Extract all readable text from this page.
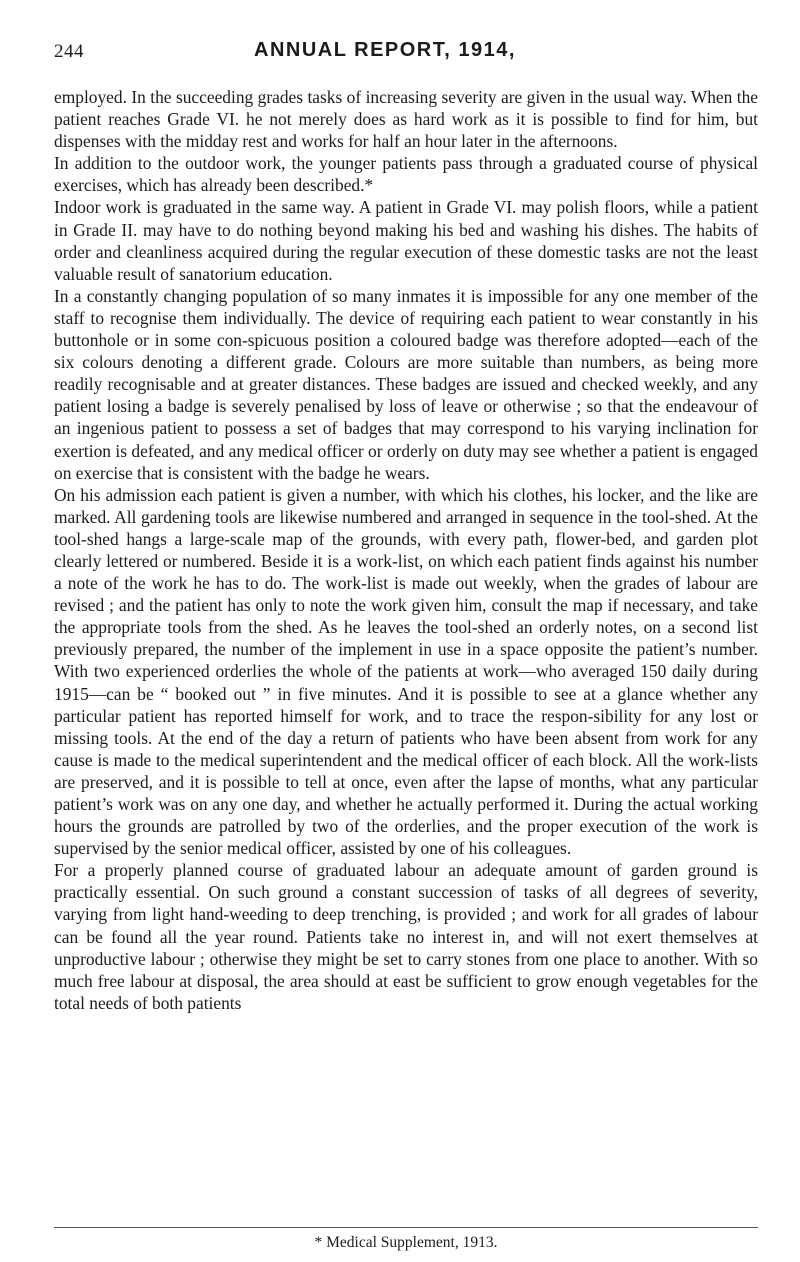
244	ANNUAL REPORT, 1914,

employed. In the succeeding grades tasks of increasing severity are given in the usual way. When the patient reaches Grade VI. he not merely does as hard work as it is possible to find for him, but dispenses with the midday rest and works for half an hour later in the afternoons.

In addition to the outdoor work, the younger patients pass through a graduated course of physical exercises, which has already been described.*

Indoor work is graduated in the same way. A patient in Grade VI. may polish floors, while a patient in Grade II. may have to do nothing beyond making his bed and washing his dishes. The habits of order and cleanliness acquired during the regular execution of these domestic tasks are not the least valuable result of sanatorium education.

In a constantly changing population of so many inmates it is impossible for any one member of the staff to recognise them individually. The device of requiring each patient to wear constantly in his buttonhole or in some con-spicuous position a coloured badge was therefore adopted—each of the six colours denoting a different grade. Colours are more suitable than numbers, as being more readily recognisable and at greater distances. These badges are issued and checked weekly, and any patient losing a badge is severely penalised by loss of leave or otherwise ; so that the endeavour of an ingenious patient to possess a set of badges that may correspond to his varying inclination for exertion is defeated, and any medical officer or orderly on duty may see whether a patient is engaged on exercise that is consistent with the badge he wears.

On his admission each patient is given a number, with which his clothes, his locker, and the like are marked. All gardening tools are likewise numbered and arranged in sequence in the tool-shed. At the tool-shed hangs a large-scale map of the grounds, with every path, flower-bed, and garden plot clearly lettered or numbered. Beside it is a work-list, on which each patient finds against his number a note of the work he has to do. The work-list is made out weekly, when the grades of labour are revised ; and the patient has only to note the work given him, consult the map if necessary, and take the appropriate tools from the shed. As he leaves the tool-shed an orderly notes, on a second list previously prepared, the number of the implement in use in a space opposite the patient’s number. With two experienced orderlies the whole of the patients at work—who averaged 150 daily during 1915—can be “ booked out ” in five minutes. And it is possible to see at a glance whether any particular patient has reported himself for work, and to trace the respon-sibility for any lost or missing tools. At the end of the day a return of patients who have been absent from work for any cause is made to the medical superintendent and the medical officer of each block. All the work-lists are preserved, and it is possible to tell at once, even after the lapse of months, what any particular patient’s work was on any one day, and whether he actually performed it. During the actual working hours the grounds are patrolled by two of the orderlies, and the proper execution of the work is supervised by the senior medical officer, assisted by one of his colleagues.

For a properly planned course of graduated labour an adequate amount of garden ground is practically essential. On such ground a constant succession of tasks of all degrees of severity, varying from light hand-weeding to deep trenching, is provided ; and work for all grades of labour can be found all the year round. Patients take no interest in, and will not exert themselves at unproductive labour ; otherwise they might be set to carry stones from one place to another. With so much free labour at disposal, the area should at east be sufficient to grow enough vegetables for the total needs of both patients

* Medical Supplement, 1913.
